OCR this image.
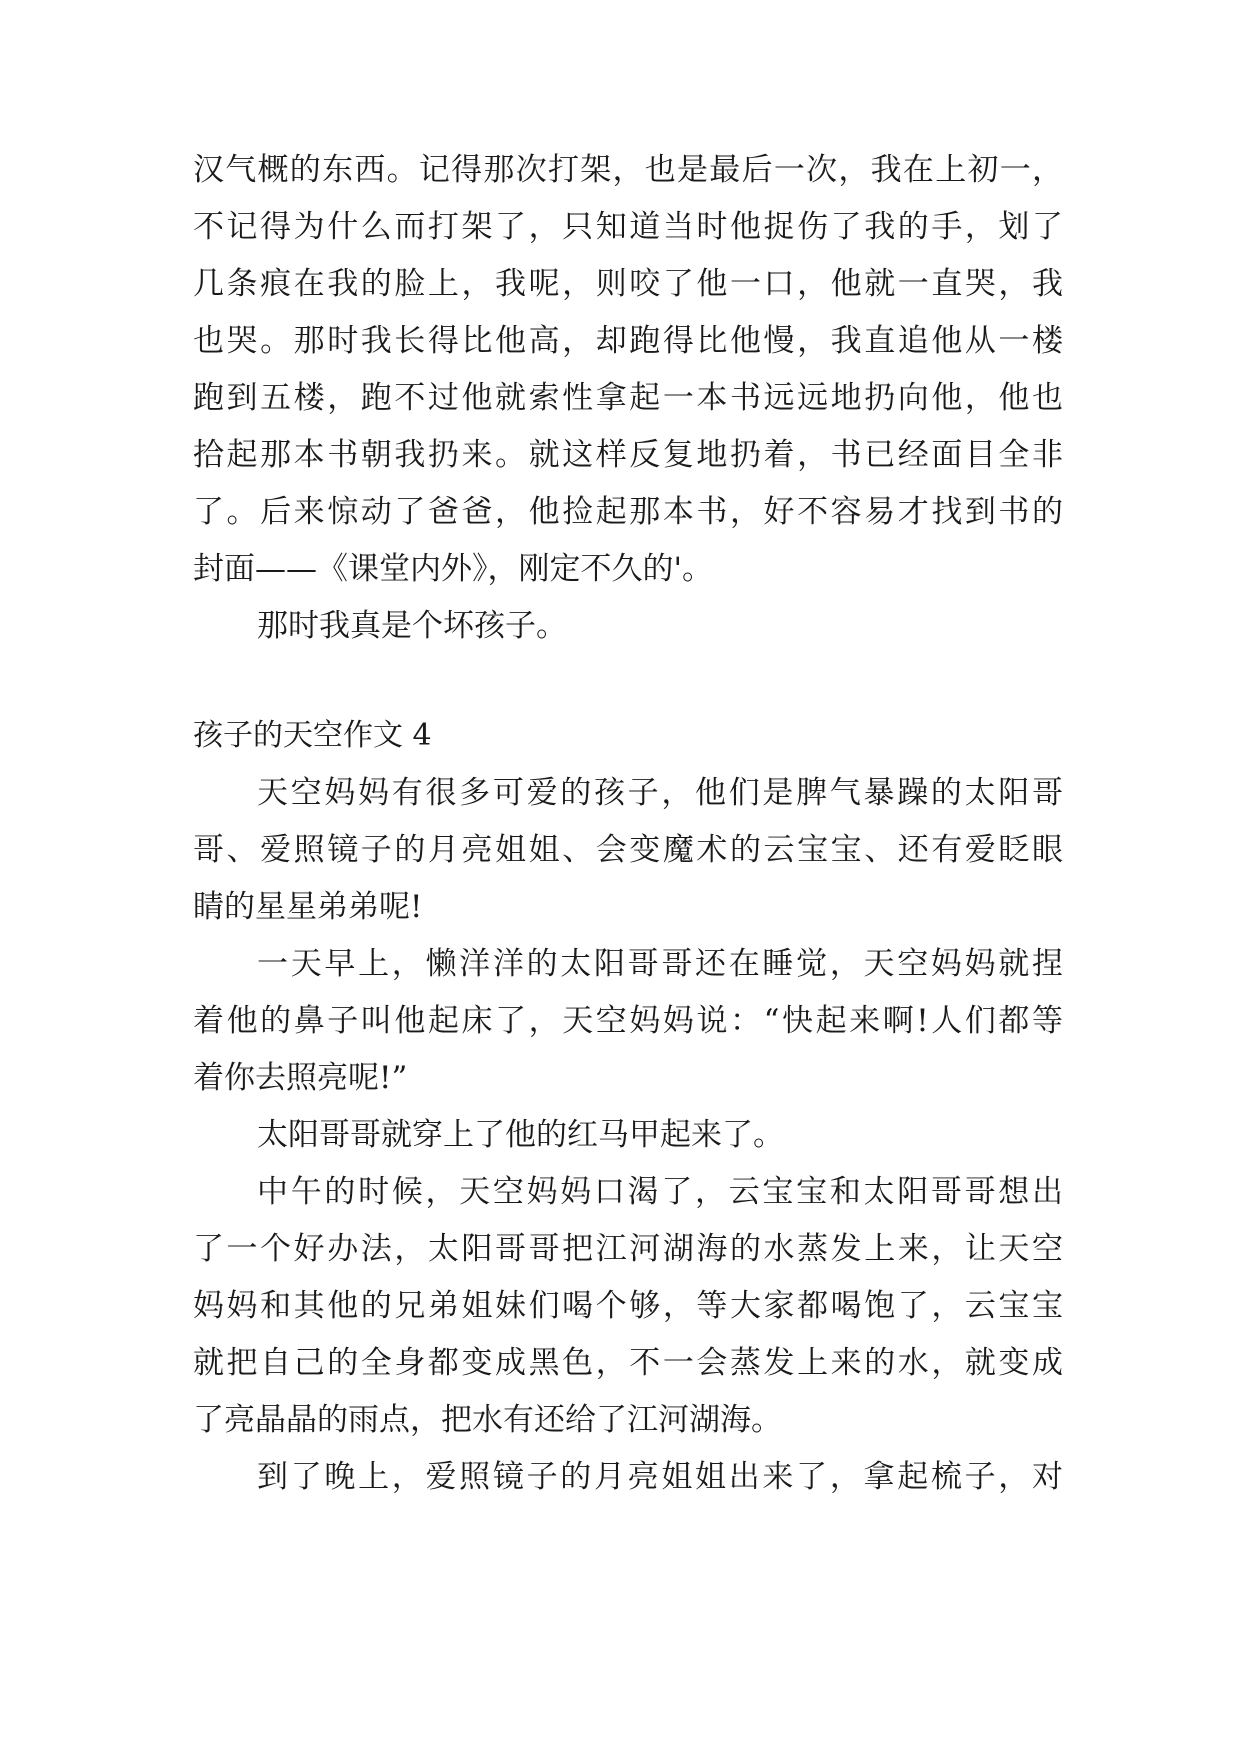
汉气概的东西。记得那次打架，也是最后一次，我在上初一，
不记得为什么而打架了，只知道当时他捉伤了我的手，划了
几条痕在我的脸上，我呢，则咬了他一口，他就一直哭，我
也哭。那时我长得比他高，却跑得比他慢，我直追他从一楼
跑到五楼，跑不过他就索性拿起一本书远远地扔向他，他也
拾起那本书朝我扔来。就这样反复地扔着，书已经面目全非
了。后来惊动了爸爸，他捡起那本书，好不容易才找到书的
封面——《课堂内外》，刚定不久的'。
那时我真是个坏孩子。
孩子的天空作文 4
天空妈妈有很多可爱的孩子，他们是脾气暴躁的太阳哥
哥、爱照镜子的月亮姐姐、会变魔术的云宝宝、还有爱眨眼
睛的星星弟弟呢!
一天早上，懒洋洋的太阳哥哥还在睡觉，天空妈妈就捏
着他的鼻子叫他起床了，天空妈妈说：“快起来啊!人们都等
着你去照亮呢!”
太阳哥哥就穿上了他的红马甲起来了。
中午的时候，天空妈妈口渴了，云宝宝和太阳哥哥想出
了一个好办法，太阳哥哥把江河湖海的水蒸发上来，让天空
妈妈和其他的兄弟姐妹们喝个够，等大家都喝饱了，云宝宝
就把自己的全身都变成黑色，不一会蒸发上来的水，就变成
了亮晶晶的雨点，把水有还给了江河湖海。
到了晚上，爱照镜子的月亮姐姐出来了，拿起梳子，对
